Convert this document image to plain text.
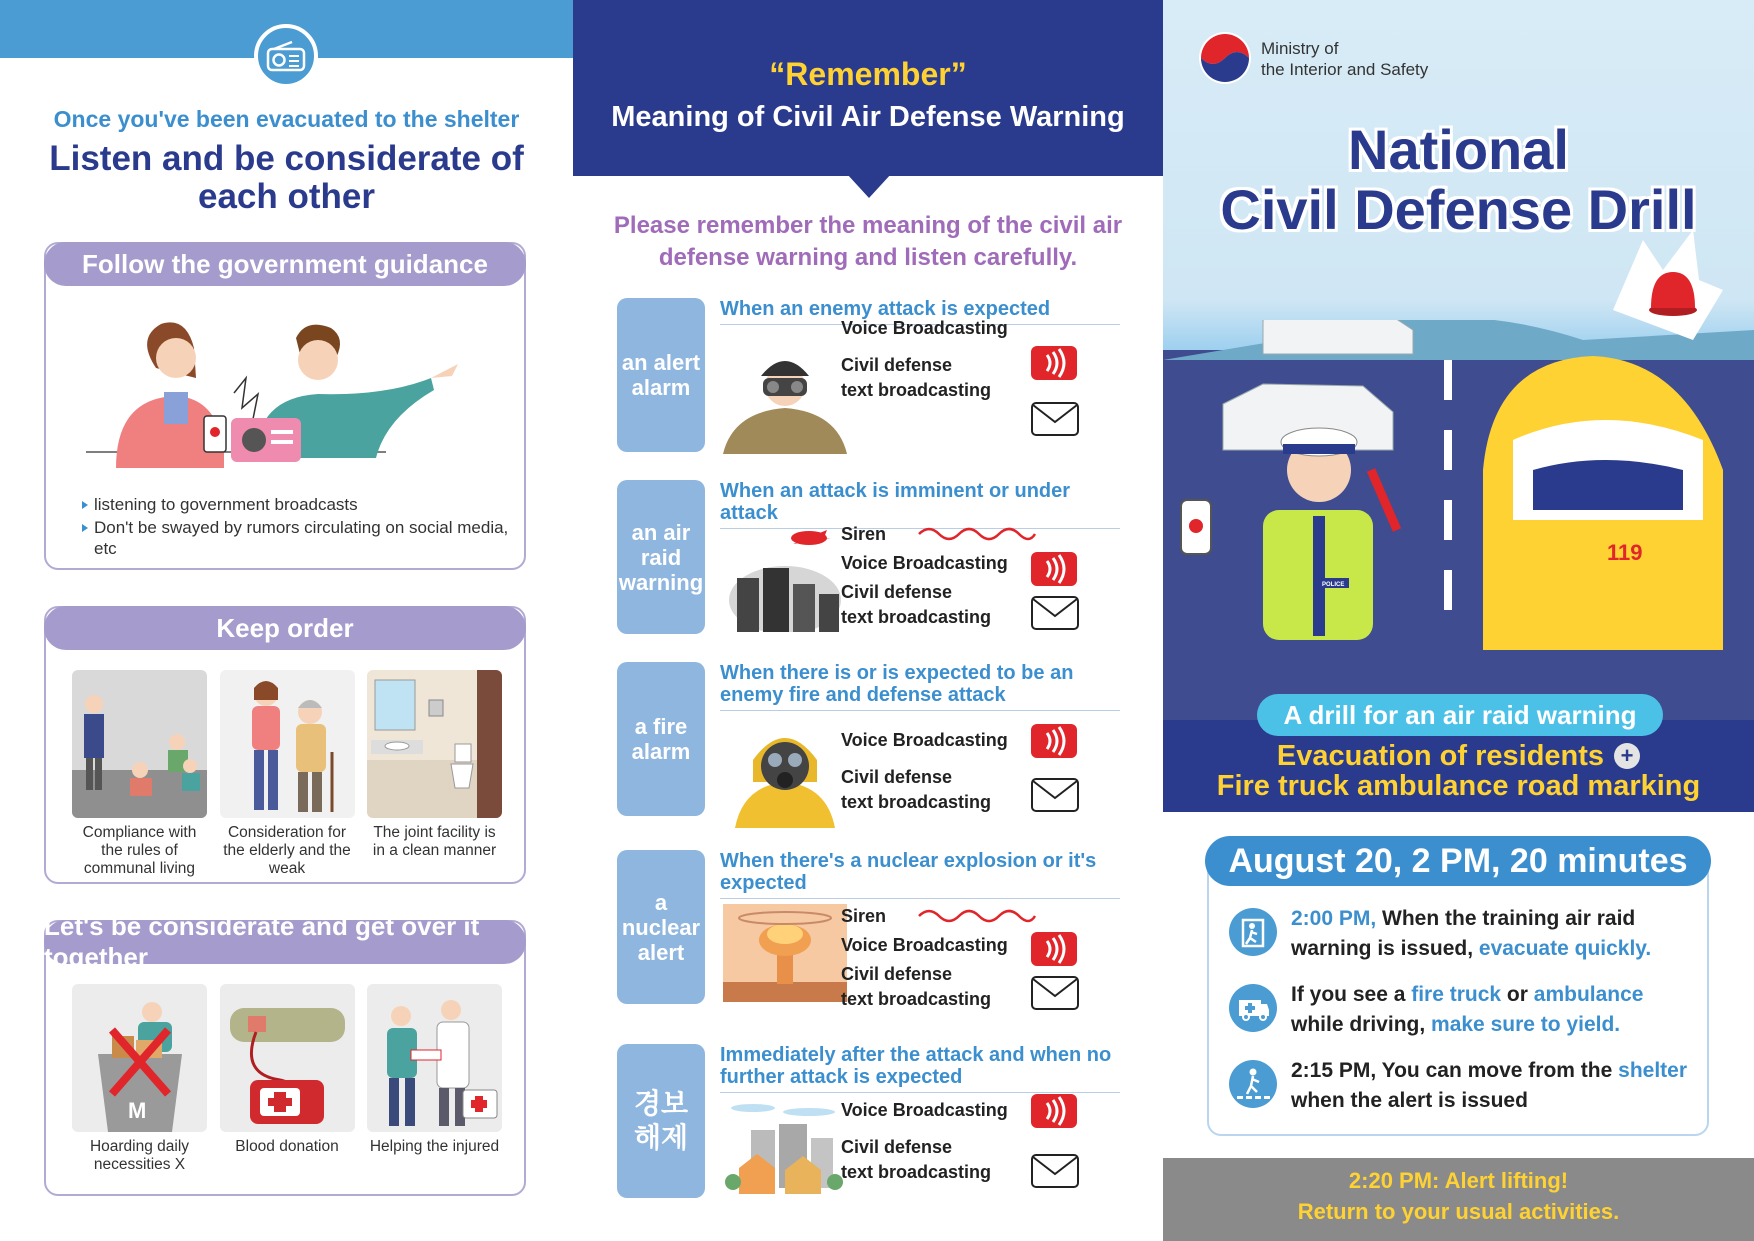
Once you've been evacuated to the shelter
Listen and be considerate of each other
Follow the government guidance
listening to government broadcasts
Don't be swayed by rumors circulating on social media, etc
Keep order
Compliance with the rules of communal living
Consideration for the elderly and the weak
The joint facility is in a clean manner
Let's be considerate and get over it together
M
Hoarding daily necessities X
Blood donation	Helping the injured
“Remember”
Meaning of Civil Air Defense Warning
Please remember the meaning of the civil air defense warning and listen carefully.
an alert alarm
When an enemy attack is expected
Voice Broadcasting
Civil defense
text broadcasting
an air raid warning
When an attack is imminent or under attack
Siren
Voice Broadcasting
Civil defense
text broadcasting
a fire alarm
When there is or is expected to be an enemy fire and defense attack
Voice Broadcasting
Civil defense
text broadcasting
a nuclear alert
When there's a nuclear explosion or it's expected
Siren
Voice Broadcasting
Civil defense
text broadcasting
경보 해제
Immediately after the attack and when no further attack is expected
Voice Broadcasting
Civil defense
text broadcasting
119
POLICE
Ministry of
the Interior and Safety
National
Civil Defense Drill
A drill for an air raid warning
Evacuation of residents +
Fire truck ambulance road marking
August 20, 2 PM, 20 minutes
2:00 PM, When the training air raid warning is issued, evacuate quickly.
If you see a fire truck or ambulance while driving, make sure to yield.
2:15 PM, You can move from the shelter when the alert is issued
2:20 PM: Alert lifting!
Return to your usual activities.
